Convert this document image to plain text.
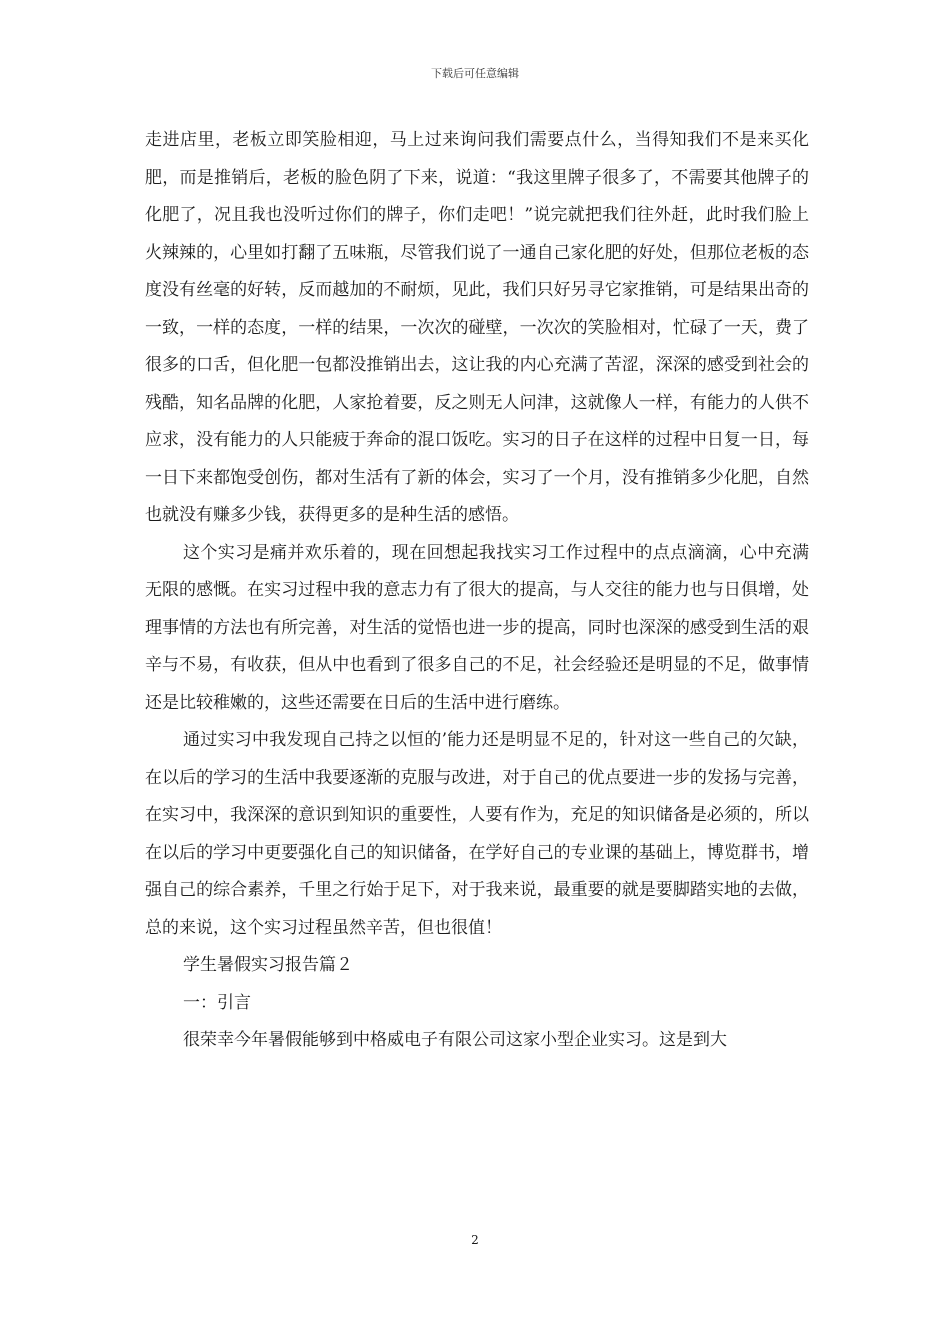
下载后可任意编辑

走进店里，老板立即笑脸相迎，马上过来询问我们需要点什么，当得知我们不是来买化肥，而是推销后，老板的脸色阴了下来，说道：“我这里牌子很多了，不需要其他牌子的化肥了，况且我也没听过你们的牌子，你们走吧！”说完就把我们往外赶，此时我们脸上火辣辣的，心里如打翻了五味瓶，尽管我们说了一通自己家化肥的好处，但那位老板的态度没有丝毫的好转，反而越加的不耐烦，见此，我们只好另寻它家推销，可是结果出奇的一致，一样的态度，一样的结果，一次次的碰壁，一次次的笑脸相对，忙碌了一天，费了很多的口舌，但化肥一包都没推销出去，这让我的内心充满了苦涩，深深的感受到社会的残酷，知名品牌的化肥，人家抢着要，反之则无人问津，这就像人一样，有能力的人供不应求，没有能力的人只能疲于奔命的混口饭吃。实习的日子在这样的过程中日复一日，每一日下来都饱受创伤，都对生活有了新的体会，实习了一个月，没有推销多少化肥，自然也就没有赚多少钱，获得更多的是种生活的感悟。

这个实习是痛并欢乐着的，现在回想起我找实习工作过程中的点点滴滴，心中充满无限的感慨。在实习过程中我的意志力有了很大的提高，与人交往的能力也与日俱增，处理事情的方法也有所完善，对生活的觉悟也进一步的提高，同时也深深的感受到生活的艰辛与不易，有收获，但从中也看到了很多自己的不足，社会经验还是明显的不足，做事情还是比较稚嫩的，这些还需要在日后的生活中进行磨练。

通过实习中我发现自己持之以恒的’能力还是明显不足的，针对这一些自己的欠缺，在以后的学习的生活中我要逐渐的克服与改进，对于自己的优点要进一步的发扬与完善，在实习中，我深深的意识到知识的重要性，人要有作为，充足的知识储备是必须的，所以在以后的学习中更要强化自己的知识储备，在学好自己的专业课的基础上，博览群书，增强自己的综合素养，千里之行始于足下，对于我来说，最重要的就是要脚踏实地的去做，总的来说，这个实习过程虽然辛苦，但也很值！

学生暑假实习报告篇２

一：引言

很荣幸今年暑假能够到中格威电子有限公司这家小型企业实习。这是到大

2
